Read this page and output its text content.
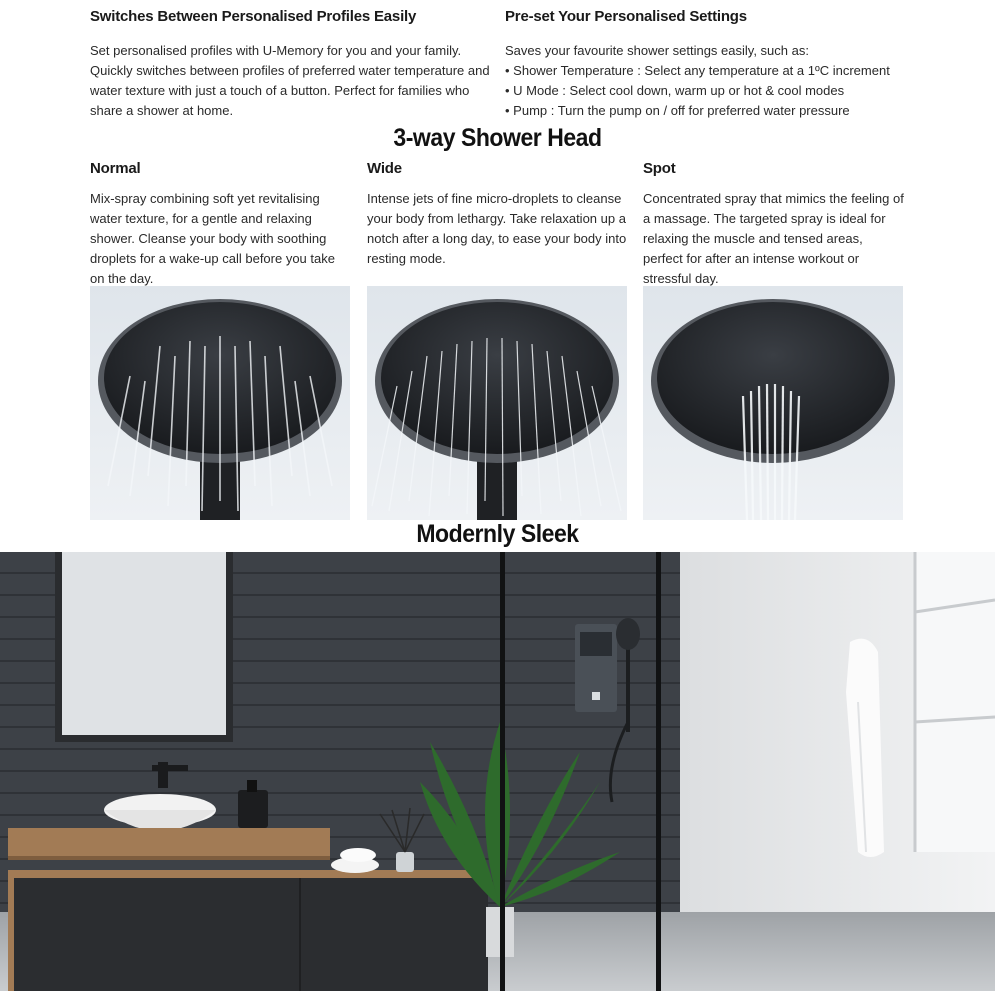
Switches Between Personalised Profiles Easily

Set personalised profiles with U-Memory for you and your family. Quickly switches between profiles of preferred water temperature and water texture with just a touch of a button. Perfect for families who share a shower at home.

Pre-set Your Personalised Settings

Saves your favourite shower settings easily, such as:

• Shower Temperature : Select any temperature at a 1ºC increment

• U Mode : Select cool down, warm up or hot & cool modes

• Pump : Turn the pump on / off for preferred water pressure

3-way Shower Head
Normal

Mix-spray combining soft yet revitalising water texture, for a gentle and relaxing shower. Cleanse your body with soothing droplets for a wake-up call before you take on the day.

Wide

Intense jets of fine micro-droplets to cleanse your body from lethargy. Take relaxation up a notch after a long day, to ease your body into resting mode.

Spot

Concentrated spray that mimics the feeling of a massage. The targeted spray is ideal for relaxing the muscle and tensed areas, perfect for after an intense workout or stressful day.

Modernly Sleek
